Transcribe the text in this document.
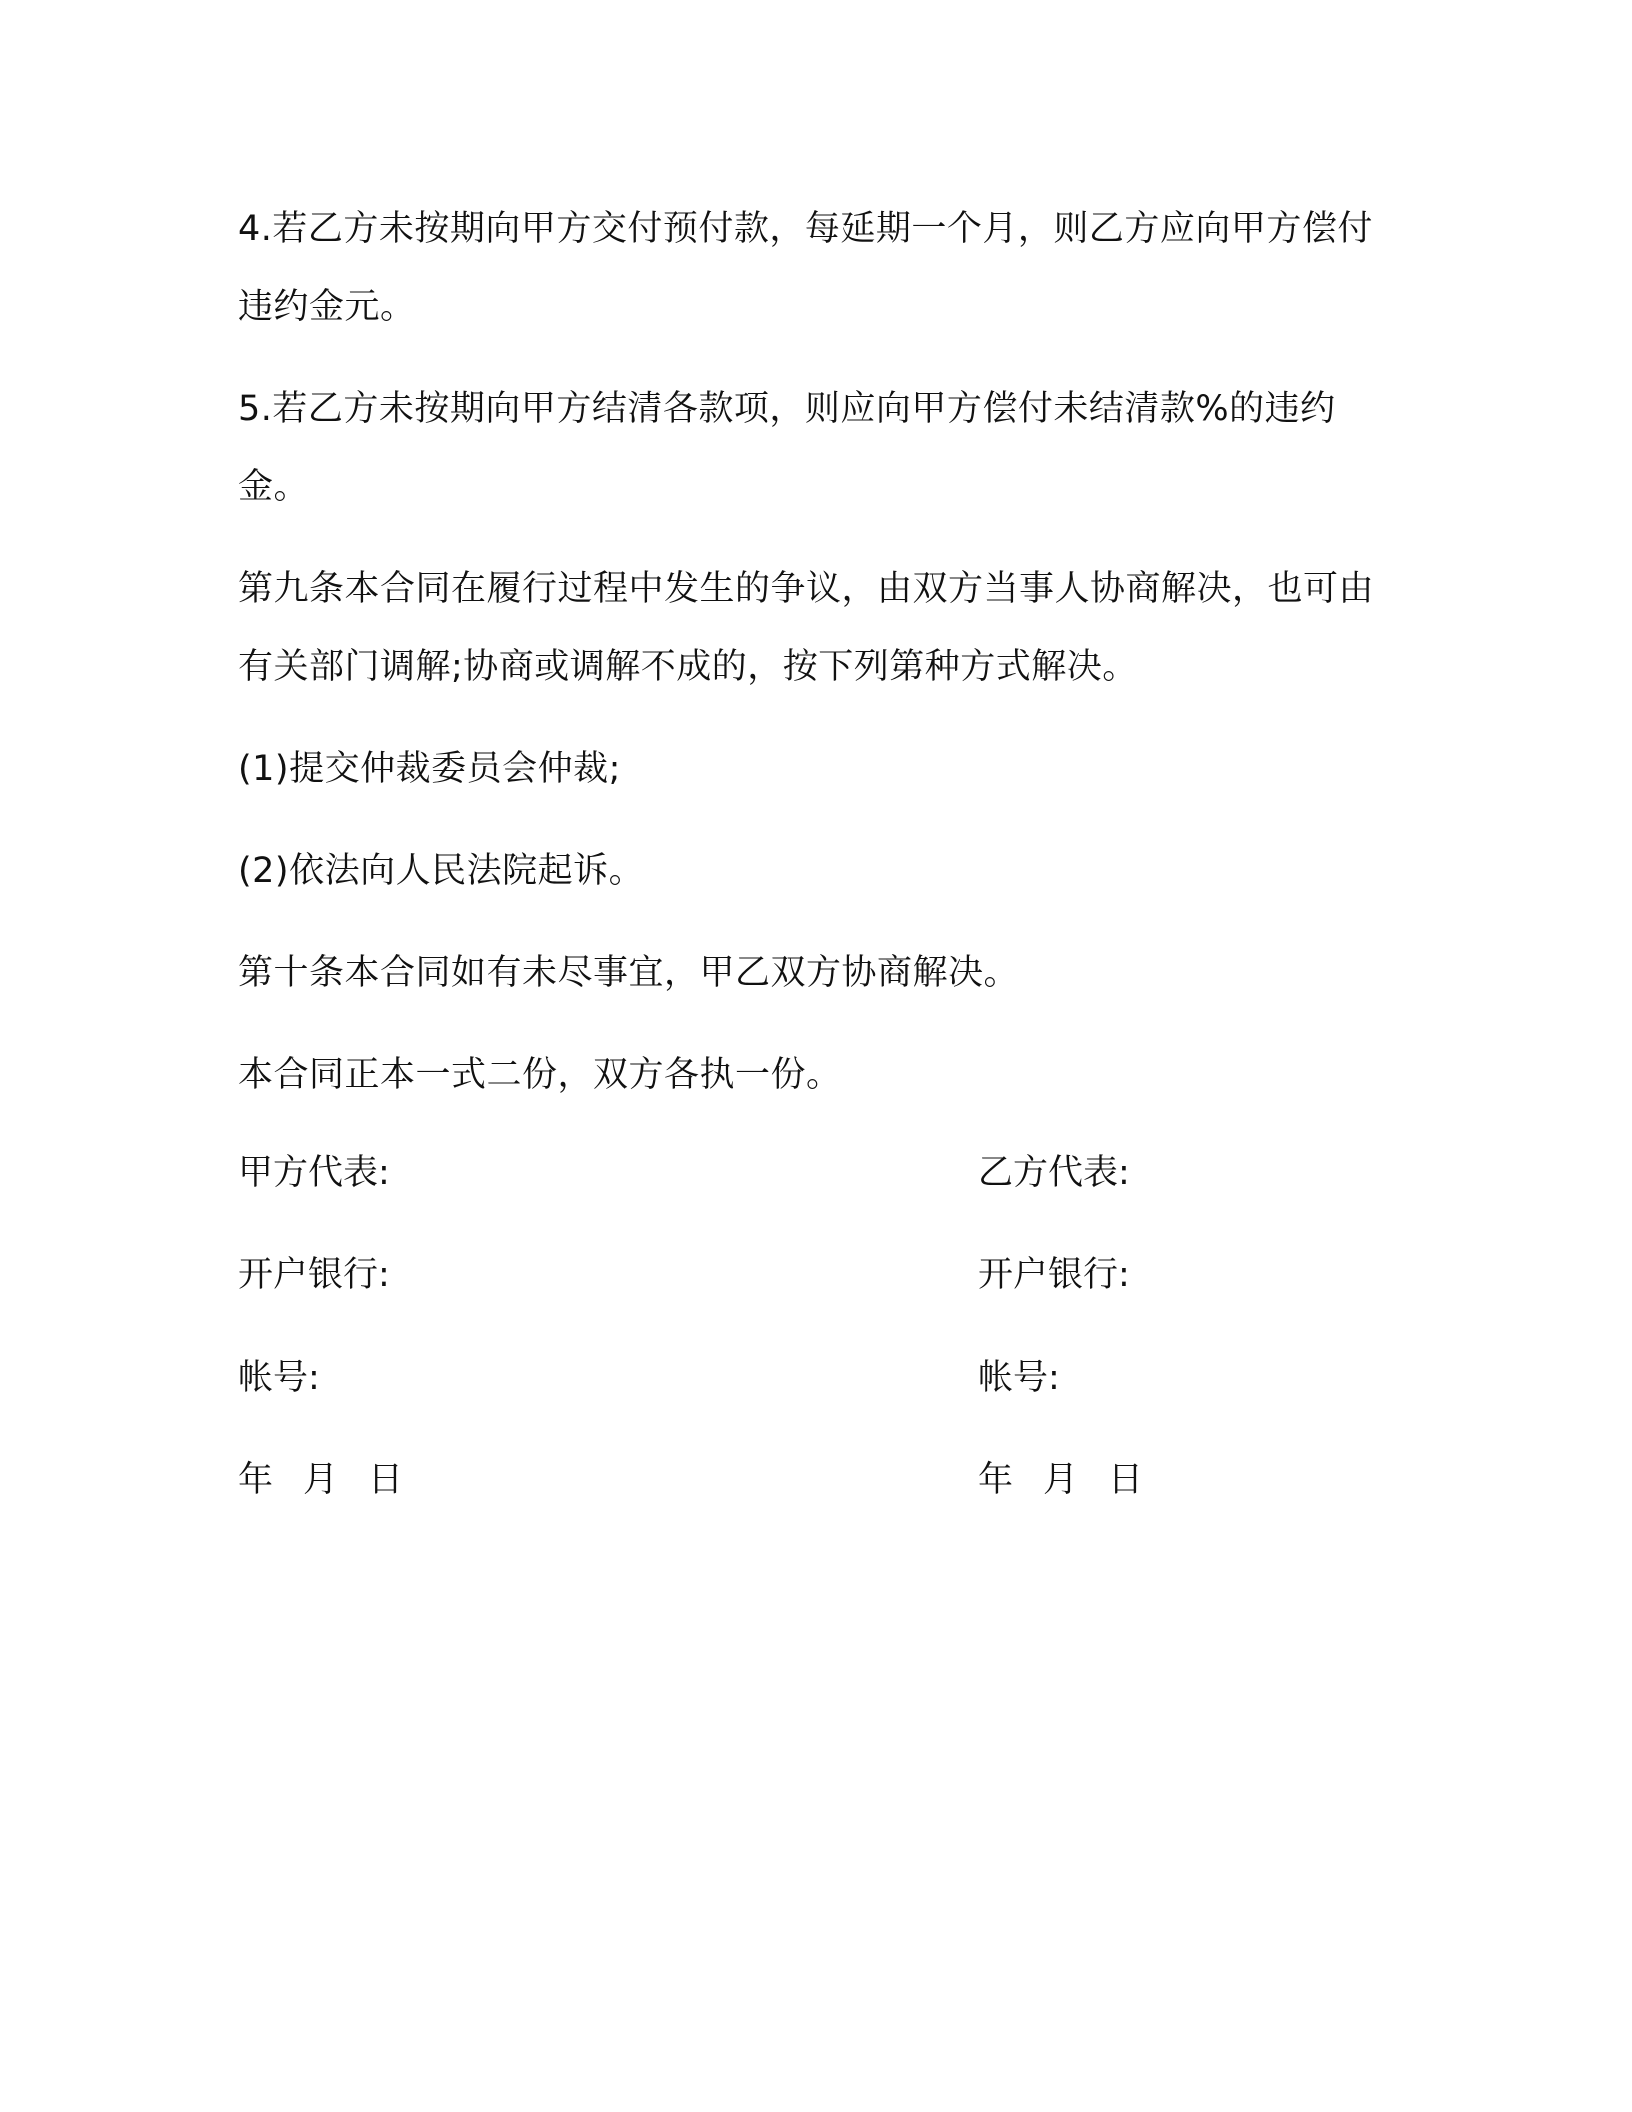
4.若乙方未按期向甲方交付预付款，每延期一个月，则乙方应向甲方偿付违约金元。

5.若乙方未按期向甲方结清各款项，则应向甲方偿付未结清款%的违约金。

第九条本合同在履行过程中发生的争议，由双方当事人协商解决，也可由有关部门调解;协商或调解不成的，按下列第种方式解决。

(1)提交仲裁委员会仲裁;

(2)依法向人民法院起诉。

第十条本合同如有未尽事宜，甲乙双方协商解决。

本合同正本一式二份，双方各执一份。

甲方代表:	乙方代表:
开户银行:	开户银行:
帐号:	帐号:
年 月 日	年 月 日
